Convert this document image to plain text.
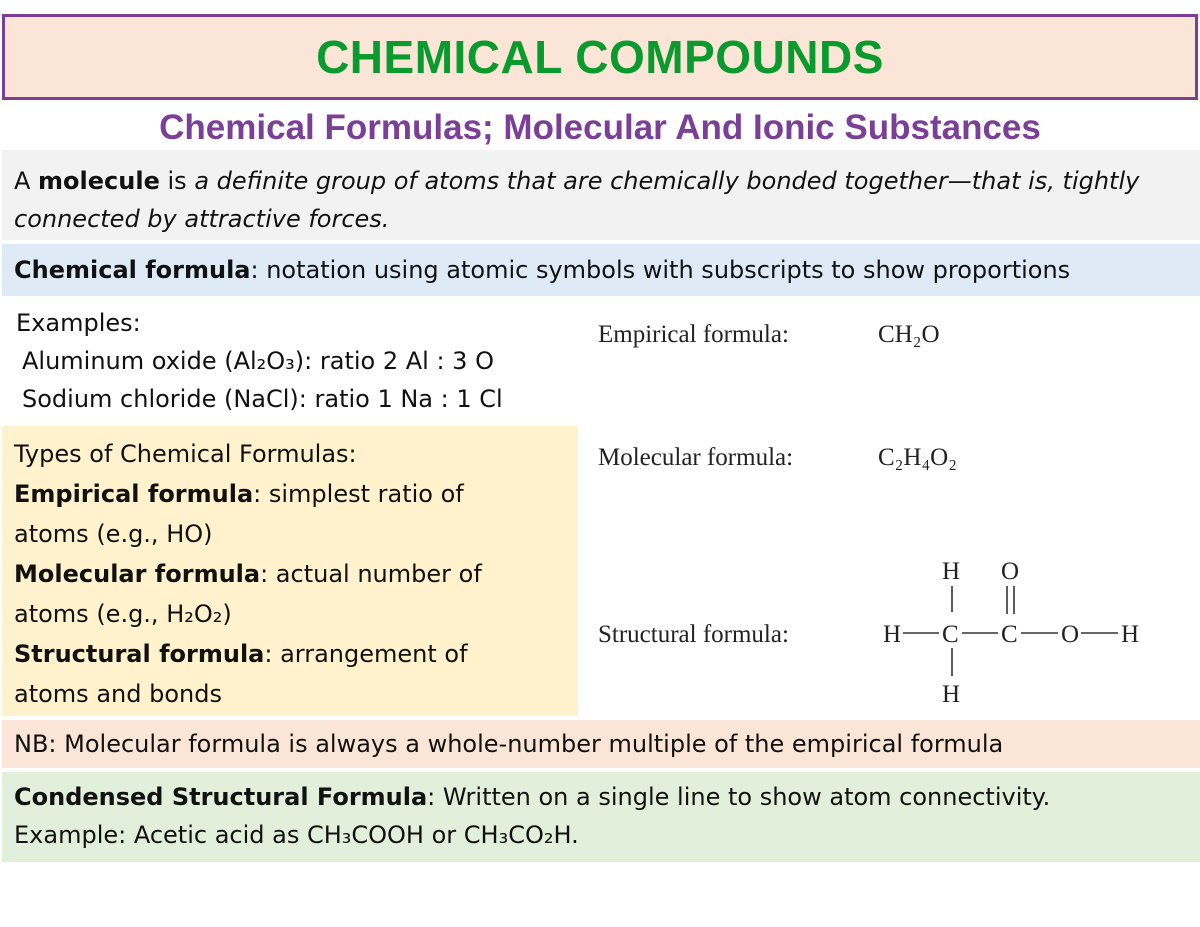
CHEMICAL COMPOUNDS
Chemical Formulas; Molecular And Ionic Substances
A molecule is a definite group of atoms that are chemically bonded together—that is, tightly connected by attractive forces.
Chemical formula: notation using atomic symbols with subscripts to show proportions
Examples:
Aluminum oxide (Al₂O₃): ratio 2 Al : 3 O
Sodium chloride (NaCl): ratio 1 Na : 1 Cl
Types of Chemical Formulas:
Empirical formula: simplest ratio of
atoms (e.g., HO)
Molecular formula: actual number of
atoms (e.g., H₂O₂)
Structural formula: arrangement of
atoms and bonds
Empirical formula:	CH₂O
Molecular formula:	C₂H₄O₂
Structural formula:	H C C O H
H
H
O
NB: Molecular formula is always a whole-number multiple of the empirical formula
Condensed Structural Formula: Written on a single line to show atom connectivity.
Example: Acetic acid as CH₃COOH or CH₃CO₂H.
